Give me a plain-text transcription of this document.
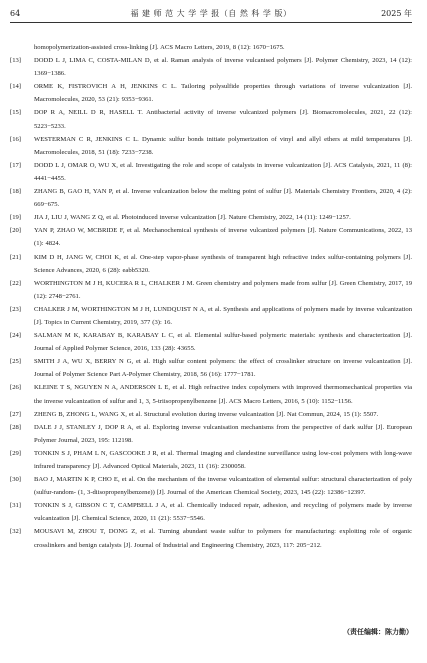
64	福 建 师 范 大 学 学 报（自 然 科 学 版）	2025 年
homopolymerization-assisted cross-linking [J]. ACS Macro Letters, 2019, 8 (12): 1670−1675.
[13] DODD L J, LIMA C, COSTA-MILAN D, et al. Raman analysis of inverse vulcanised polymers [J]. Polymer Chemistry, 2023, 14 (12): 1369−1386.
[14] ORME K, FISTROVICH A H, JENKINS C L. Tailoring polysulfide properties through variations of inverse vulcanization [J]. Macromolecules, 2020, 53 (21): 9353−9361.
[15] DOP R A, NEILL D R, HASELL T. Antibacterial activity of inverse vulcanized polymers [J]. Biomacromolecules, 2021, 22 (12): 5223−5233.
[16] WESTERMAN C R, JENKINS C L. Dynamic sulfur bonds initiate polymerization of vinyl and allyl ethers at mild temperatures [J]. Macromolecules, 2018, 51 (18): 7233−7238.
[17] DODD L J, OMAR O, WU X, et al. Investigating the role and scope of catalysts in inverse vulcanization [J]. ACS Catalysis, 2021, 11 (8): 4441−4455.
[18] ZHANG B, GAO H, YAN P, et al. Inverse vulcanization below the melting point of sulfur [J]. Materials Chemistry Frontiers, 2020, 4 (2): 669−675.
[19] JIA J, LIU J, WANG Z Q, et al. Photoinduced inverse vulcanization [J]. Nature Chemistry, 2022, 14 (11): 1249−1257.
[20] YAN P, ZHAO W, MCBRIDE F, et al. Mechanochemical synthesis of inverse vulcanized polymers [J]. Nature Communications, 2022, 13 (1): 4824.
[21] KIM D H, JANG W, CHOI K, et al. One-step vapor-phase synthesis of transparent high refractive index sulfur-containing polymers [J]. Science Advances, 2020, 6 (28): eabb5320.
[22] WORTHINGTON M J H, KUCERA R L, CHALKER J M. Green chemistry and polymers made from sulfur [J]. Green Chemistry, 2017, 19 (12): 2748−2761.
[23] CHALKER J M, WORTHINGTON M J H, LUNDQUIST N A, et al. Synthesis and applications of polymers made by inverse vulcanization [J]. Topics in Current Chemistry, 2019, 377 (3): 16.
[24] SALMAN M K, KARABAY B, KARABAY L C, et al. Elemental sulfur-based polymeric materials: synthesis and characterization [J]. Journal of Applied Polymer Science, 2016, 133 (28): 43655.
[25] SMITH J A, WU X, BERRY N G, et al. High sulfur content polymers: the effect of crosslinker structure on inverse vulcanization [J]. Journal of Polymer Science Part A-Polymer Chemistry, 2018, 56 (16): 1777−1781.
[26] KLEINE T S, NGUYEN N A, ANDERSON L E, et al. High refractive index copolymers with improved thermomechanical properties via the inverse vulcanization of sulfur and 1, 3, 5-triisopropenylbenzene [J]. ACS Macro Letters, 2016, 5 (10): 1152−1156.
[27] ZHENG B, ZHONG L, WANG X, et al. Structural evolution during inverse vulcanization [J]. Nat Commun, 2024, 15 (1): 5507.
[28] DALE J J, STANLEY J, DOP R A, et al. Exploring inverse vulcanisation mechanisms from the perspective of dark sulfur [J]. European Polymer Journal, 2023, 195: 112198.
[29] TONKIN S J, PHAM L N, GASCOOKE J R, et al. Thermal imaging and clandestine surveillance using low-cost polymers with long-wave infrared transparency [J]. Advanced Optical Materials, 2023, 11 (16): 2300058.
[30] BAO J, MARTIN K P, CHO E, et al. On the mechanism of the inverse vulcanization of elemental sulfur: structural characterization of poly (sulfur-random- (1, 3-diisopropenylbenzene)) [J]. Journal of the American Chemical Society, 2023, 145 (22): 12386−12397.
[31] TONKIN S J, GIBSON C T, CAMPBELL J A, et al. Chemically induced repair, adhesion, and recycling of polymers made by inverse vulcanization [J]. Chemical Science, 2020, 11 (21): 5537−5546.
[32] MOUSAVI M, ZHOU T, DONG Z, et al. Turning abundant waste sulfur to polymers for manufacturing: exploiting role of organic crosslinkers and benign catalysts [J]. Journal of Industrial and Engineering Chemistry, 2023, 117: 205−212.
（责任编辑：陈力勤）
